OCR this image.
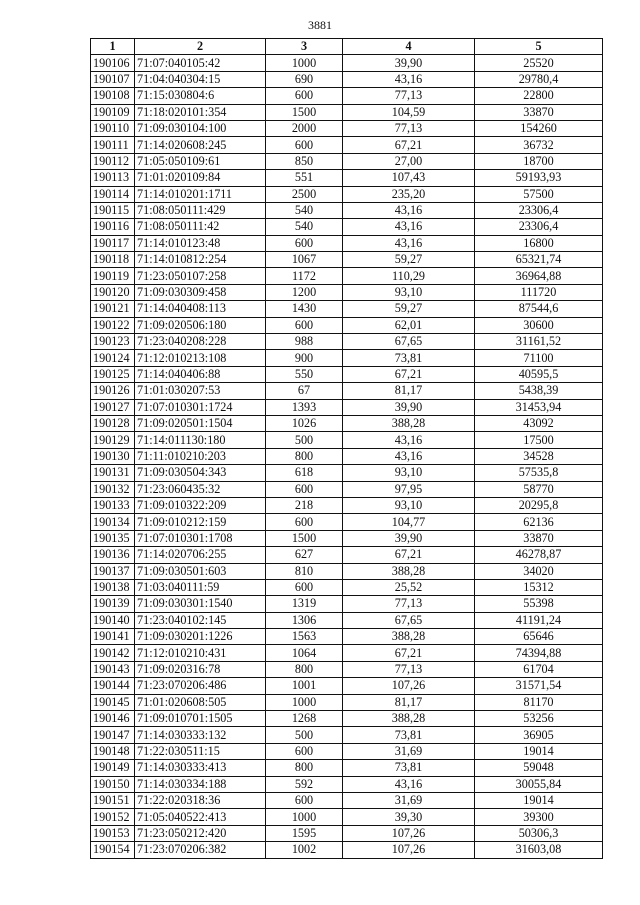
3881
1	2	3	4	5
190106	71:07:040105:42	1000	39,90	25520
190107	71:04:040304:15	690	43,16	29780,4
190108	71:15:030804:6	600	77,13	22800
190109	71:18:020101:354	1500	104,59	33870
190110	71:09:030104:100	2000	77,13	154260
190111	71:14:020608:245	600	67,21	36732
190112	71:05:050109:61	850	27,00	18700
190113	71:01:020109:84	551	107,43	59193,93
190114	71:14:010201:1711	2500	235,20	57500
190115	71:08:050111:429	540	43,16	23306,4
190116	71:08:050111:42	540	43,16	23306,4
190117	71:14:010123:48	600	43,16	16800
190118	71:14:010812:254	1067	59,27	65321,74
190119	71:23:050107:258	1172	110,29	36964,88
190120	71:09:030309:458	1200	93,10	111720
190121	71:14:040408:113	1430	59,27	87544,6
190122	71:09:020506:180	600	62,01	30600
190123	71:23:040208:228	988	67,65	31161,52
190124	71:12:010213:108	900	73,81	71100
190125	71:14:040406:88	550	67,21	40595,5
190126	71:01:030207:53	67	81,17	5438,39
190127	71:07:010301:1724	1393	39,90	31453,94
190128	71:09:020501:1504	1026	388,28	43092
190129	71:14:011130:180	500	43,16	17500
190130	71:11:010210:203	800	43,16	34528
190131	71:09:030504:343	618	93,10	57535,8
190132	71:23:060435:32	600	97,95	58770
190133	71:09:010322:209	218	93,10	20295,8
190134	71:09:010212:159	600	104,77	62136
190135	71:07:010301:1708	1500	39,90	33870
190136	71:14:020706:255	627	67,21	46278,87
190137	71:09:030501:603	810	388,28	34020
190138	71:03:040111:59	600	25,52	15312
190139	71:09:030301:1540	1319	77,13	55398
190140	71:23:040102:145	1306	67,65	41191,24
190141	71:09:030201:1226	1563	388,28	65646
190142	71:12:010210:431	1064	67,21	74394,88
190143	71:09:020316:78	800	77,13	61704
190144	71:23:070206:486	1001	107,26	31571,54
190145	71:01:020608:505	1000	81,17	81170
190146	71:09:010701:1505	1268	388,28	53256
190147	71:14:030333:132	500	73,81	36905
190148	71:22:030511:15	600	31,69	19014
190149	71:14:030333:413	800	73,81	59048
190150	71:14:030334:188	592	43,16	30055,84
190151	71:22:020318:36	600	31,69	19014
190152	71:05:040522:413	1000	39,30	39300
190153	71:23:050212:420	1595	107,26	50306,3
190154	71:23:070206:382	1002	107,26	31603,08
